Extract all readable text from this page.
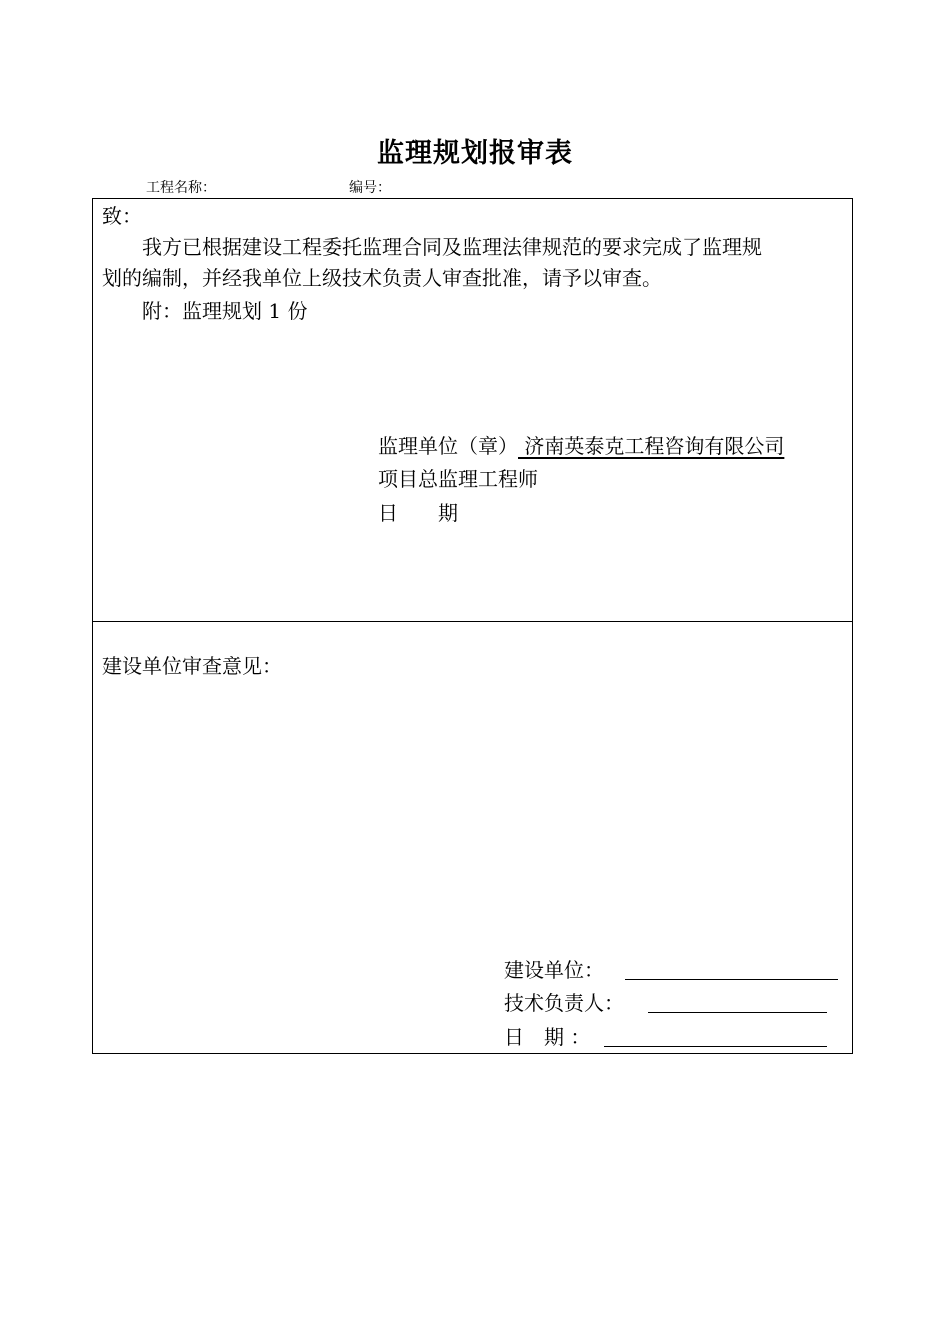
监理规划报审表
工程名称：	编号：
致：
我方已根据建设工程委托监理合同及监理法律规范的要求完成了监理规
划的编制，并经我单位上级技术负责人审查批准，请予以审查。
附：监理规划 1 份
监理单位（章） 济南英泰克工程咨询有限公司
项目总监理工程师
日　　期
建设单位审查意见：
建设单位：
技术负责人：
日　期 ：
